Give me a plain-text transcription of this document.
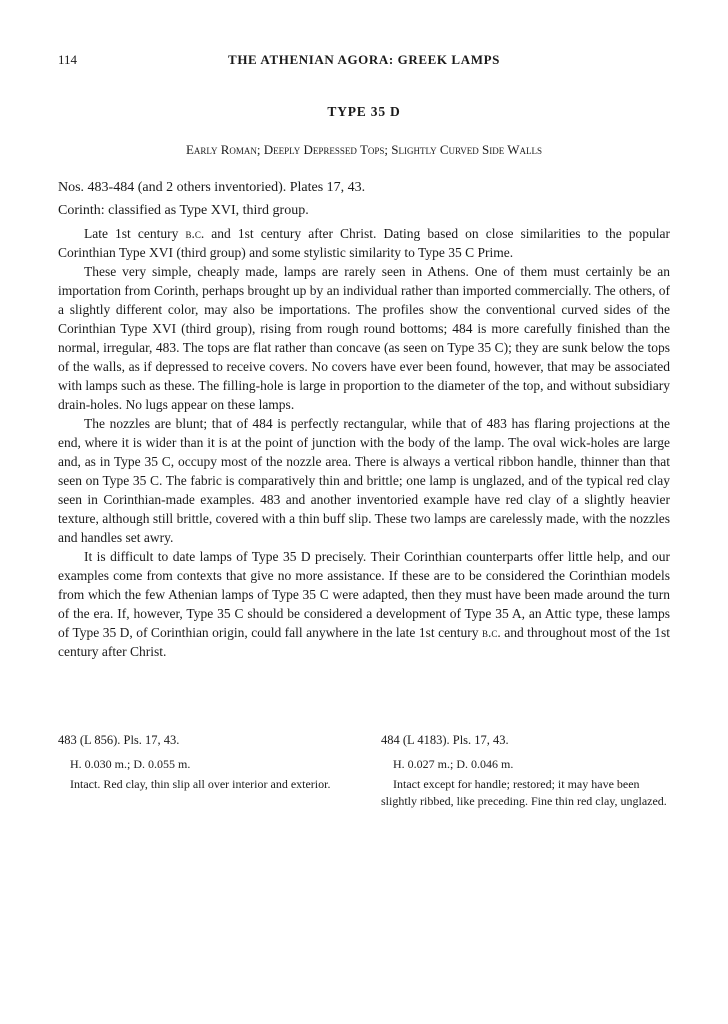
114	THE ATHENIAN AGORA: GREEK LAMPS
TYPE 35 D
Early Roman; Deeply Depressed Tops; Slightly Curved Side Walls

Nos. 483-484 (and 2 others inventoried). Plates 17, 43.

Corinth: classified as Type XVI, third group.

Late 1st century b.c. and 1st century after Christ. Dating based on close similarities to the popular Corinthian Type XVI (third group) and some stylistic similarity to Type 35 C Prime.

These very simple, cheaply made, lamps are rarely seen in Athens. One of them must certainly be an importation from Corinth, perhaps brought up by an individual rather than imported commercially. The others, of a slightly different color, may also be importations. The profiles show the conventional curved sides of the Corinthian Type XVI (third group), rising from rough round bottoms; 484 is more carefully finished than the normal, irregular, 483. The tops are flat rather than concave (as seen on Type 35 C); they are sunk below the tops of the walls, as if depressed to receive covers. No covers have ever been found, however, that may be associated with lamps such as these. The filling-hole is large in proportion to the diameter of the top, and without subsidiary drain-holes. No lugs appear on these lamps.

The nozzles are blunt; that of 484 is perfectly rectangular, while that of 483 has flaring projections at the end, where it is wider than it is at the point of junction with the body of the lamp. The oval wick-holes are large and, as in Type 35 C, occupy most of the nozzle area. There is always a vertical ribbon handle, thinner than that seen on Type 35 C. The fabric is comparatively thin and brittle; one lamp is unglazed, and of the typical red clay seen in Corinthian-made examples. 483 and another inventoried example have red clay of a slightly heavier texture, although still brittle, covered with a thin buff slip. These two lamps are carelessly made, with the nozzles and handles set awry.

It is difficult to date lamps of Type 35 D precisely. Their Corinthian counterparts offer little help, and our examples come from contexts that give no more assistance. If these are to be considered the Corinthian models from which the few Athenian lamps of Type 35 C were adapted, then they must have been made around the turn of the era. If, however, Type 35 C should be considered a development of Type 35 A, an Attic type, these lamps of Type 35 D, of Corinthian origin, could fall anywhere in the late 1st century b.c. and throughout most of the 1st century after Christ.

483 (L 856). Pls. 17, 43.

H. 0.030 m.; D. 0.055 m.

Intact. Red clay, thin slip all over interior and exterior.

484 (L 4183). Pls. 17, 43.

H. 0.027 m.; D. 0.046 m.

Intact except for handle; restored; it may have been slightly ribbed, like preceding. Fine thin red clay, unglazed.
